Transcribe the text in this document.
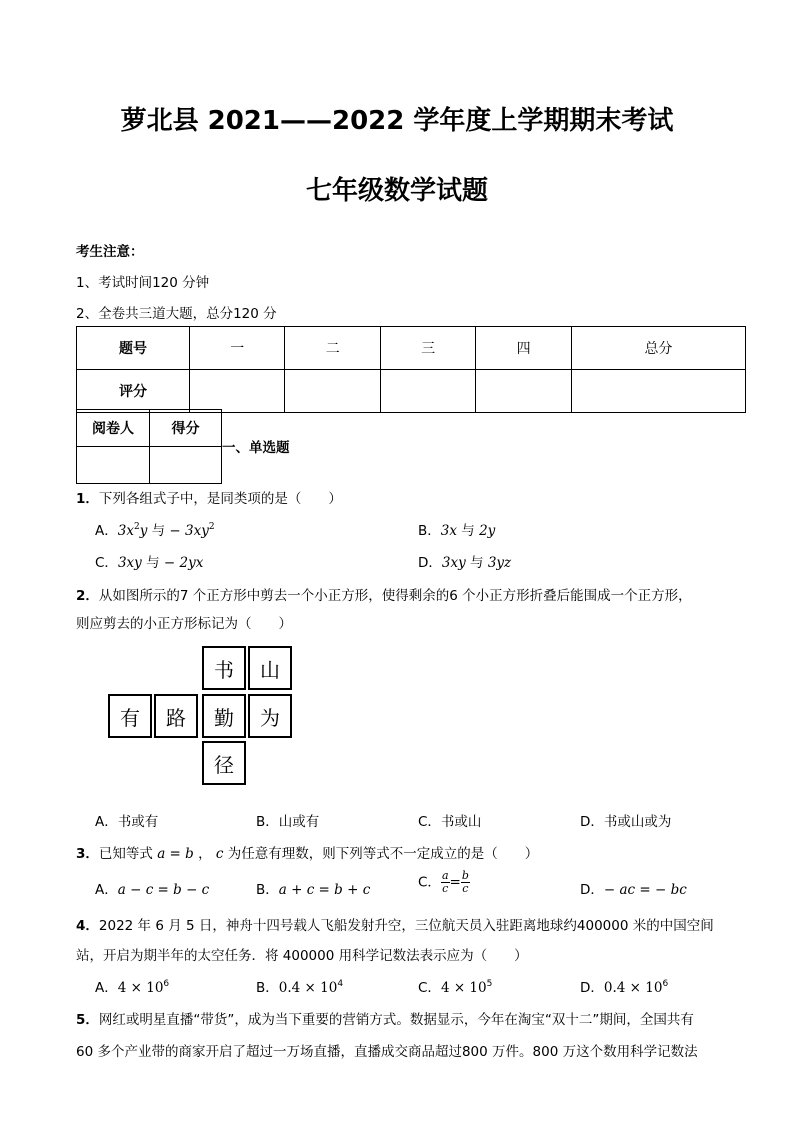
萝北县 2021——2022 学年度上学期期末考试
七年级数学试题
考生注意：
1、考试时间120 分钟
2、全卷共三道大题，总分120 分
题号	一	二	三	四	总分
评分					
阅卷人	得分

一、单选题
1．下列各组式子中，是同类项的是（　　）
A．$3x^2y$ 与 − $3xy^2$	B．3x 与 2y
C．3xy 与 − 2yx	D．3xy 与 3yz
2．从如图所示的7 个正方形中剪去一个小正方形，使得剩余的6 个小正方形折叠后能围成一个正方形，
则应剪去的小正方形标记为（　　）
书	山
有	路	勤	为
径
A．书或有	B．山或有	C．书或山	D．书或山或为
3．已知等式 a = b ， c 为任意有理数，则下列等式不一定成立的是（　　）
A．a − c = b − c	B．a + c = b + c	C． $\frac{a}{c} = \frac{b}{c}$	D．− ac = − bc
4．2022 年 6 月 5 日，神舟十四号载人飞船发射升空，三位航天员入驻距离地球约400000 米的中国空间
站，开启为期半年的太空任务．将 400000 用科学记数法表示应为（　　）
A．$4 \times 10^6$	B．$0.4 \times 10^4$	C．$4 \times 10^5$	D．$0.4 \times 10^6$
5．网红或明星直播“带货”，成为当下重要的营销方式。数据显示，今年在淘宝“双十二”期间，全国共有
60 多个产业带的商家开启了超过一万场直播，直播成交商品超过800 万件。800 万这个数用科学记数法
